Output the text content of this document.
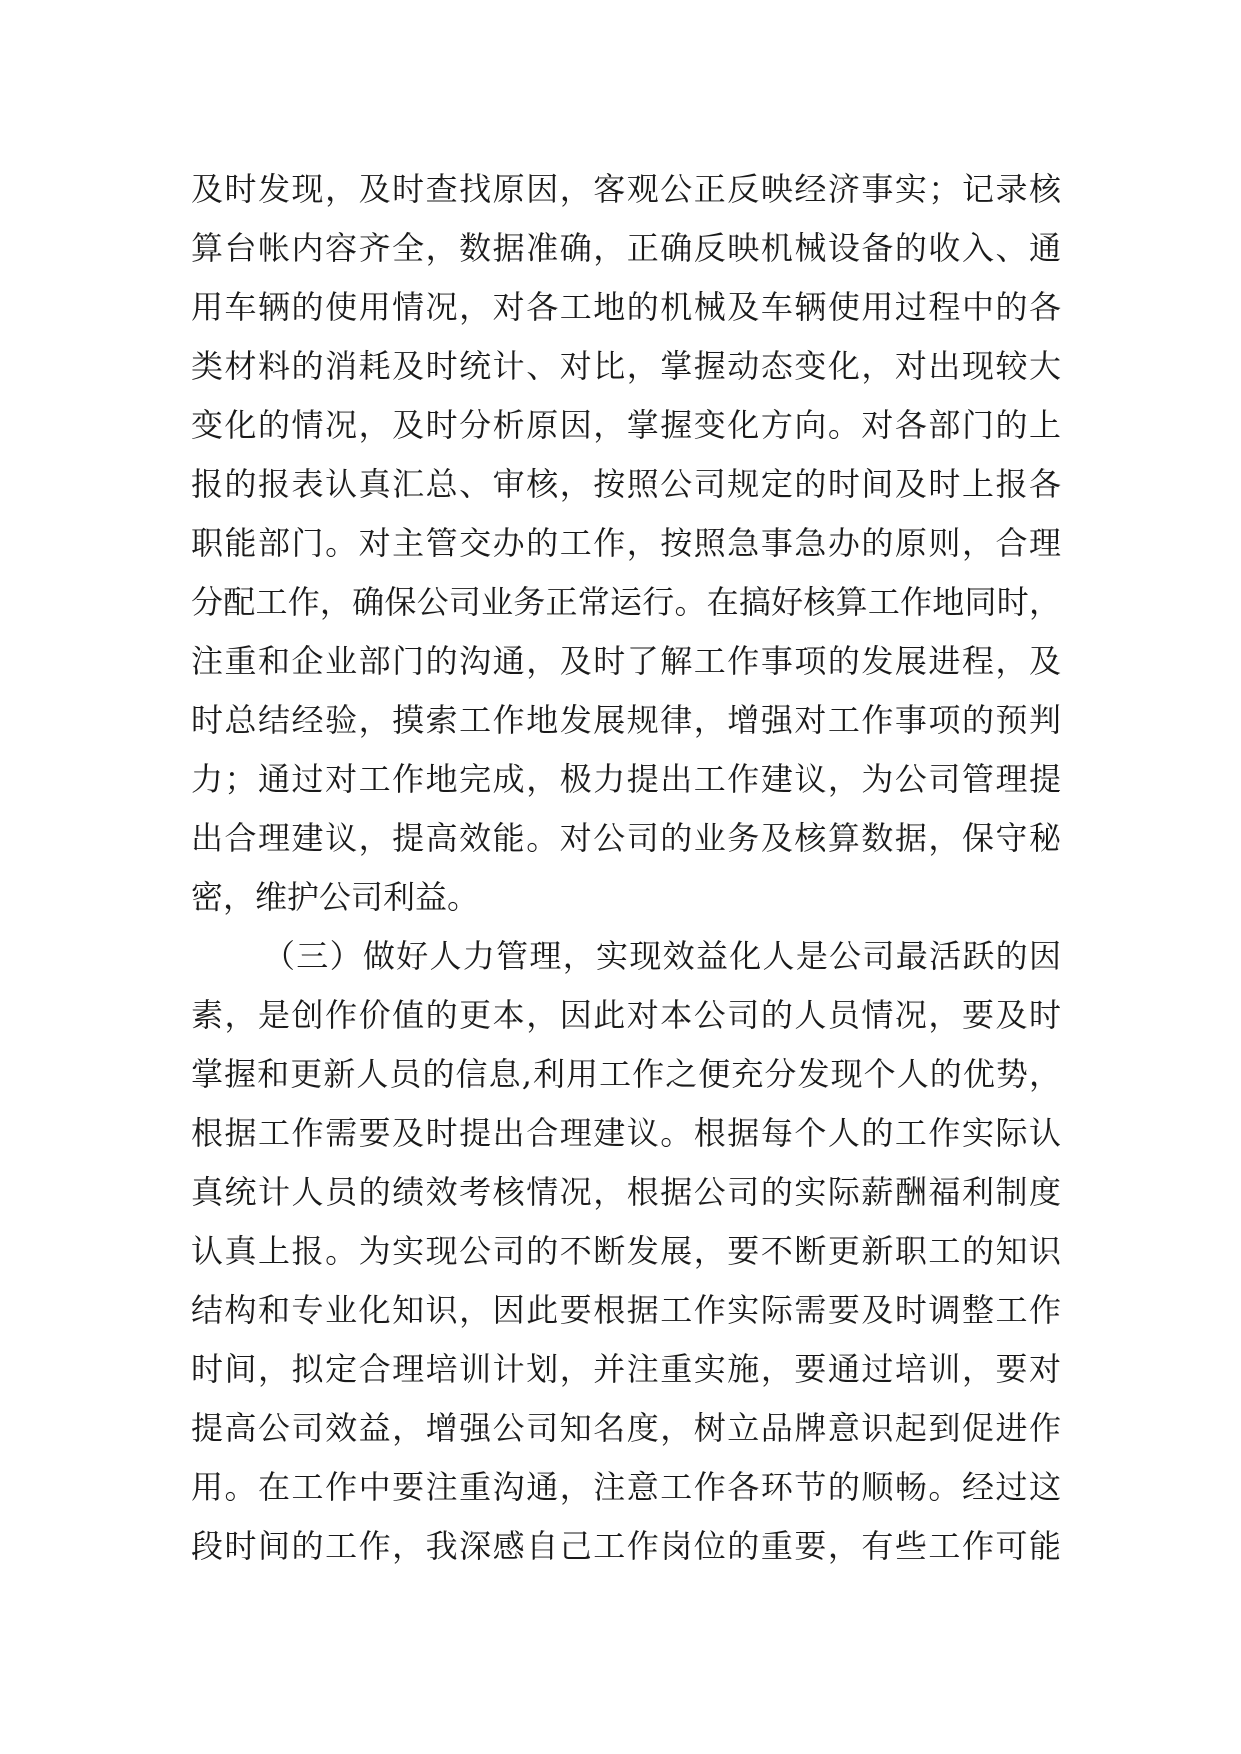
及时发现，及时查找原因，客观公正反映经济事实；记录核
算台帐内容齐全，数据准确，正确反映机械设备的收入、通
用车辆的使用情况，对各工地的机械及车辆使用过程中的各
类材料的消耗及时统计、对比，掌握动态变化，对出现较大
变化的情况，及时分析原因，掌握变化方向。对各部门的上
报的报表认真汇总、审核，按照公司规定的时间及时上报各
职能部门。对主管交办的工作，按照急事急办的原则，合理
分配工作，确保公司业务正常运行。在搞好核算工作地同时，
注重和企业部门的沟通，及时了解工作事项的发展进程，及
时总结经验，摸索工作地发展规律，增强对工作事项的预判
力；通过对工作地完成，极力提出工作建议，为公司管理提
出合理建议，提高效能。对公司的业务及核算数据，保守秘
密，维护公司利益。
（三）做好人力管理，实现效益化人是公司最活跃的因
素，是创作价值的更本，因此对本公司的人员情况，要及时
掌握和更新人员的信息,利用工作之便充分发现个人的优势，
根据工作需要及时提出合理建议。根据每个人的工作实际认
真统计人员的绩效考核情况，根据公司的实际薪酬福利制度
认真上报。为实现公司的不断发展，要不断更新职工的知识
结构和专业化知识，因此要根据工作实际需要及时调整工作
时间，拟定合理培训计划，并注重实施，要通过培训，要对
提高公司效益，增强公司知名度，树立品牌意识起到促进作
用。在工作中要注重沟通，注意工作各环节的顺畅。经过这
段时间的工作，我深感自己工作岗位的重要，有些工作可能
